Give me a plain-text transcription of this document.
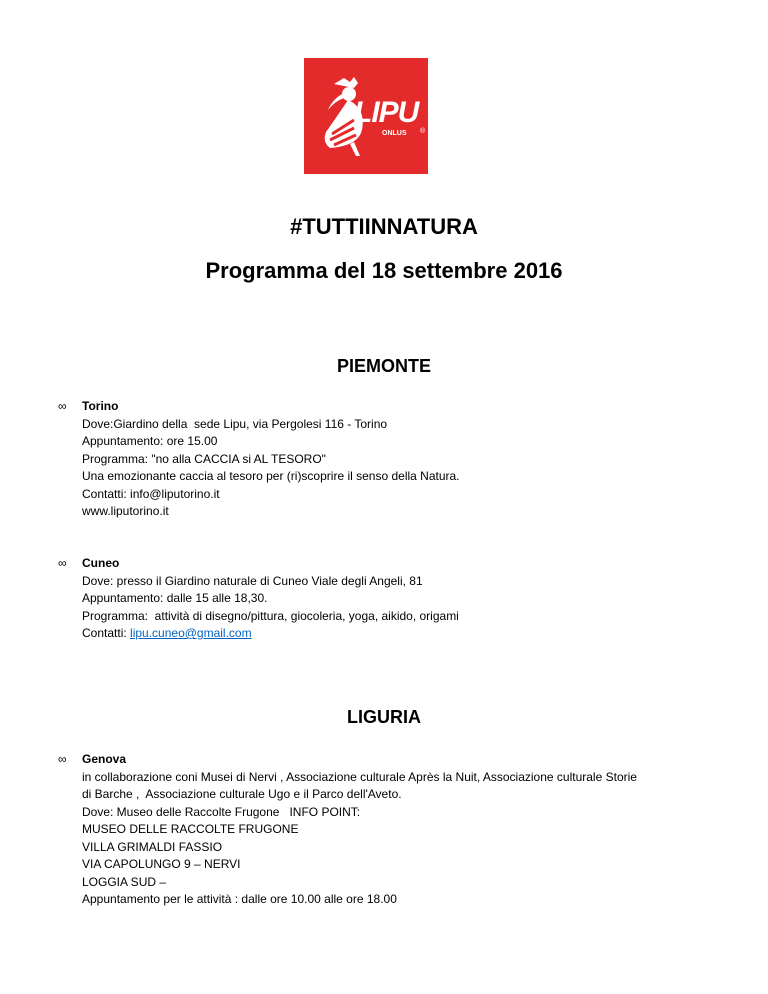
LIPU
ONLUS ®
#TUTTIINNATURA
Programma del 18 settembre 2016
PIEMONTE
∞	Torino
Dove:Giardino della  sede Lipu, via Pergolesi 116 - Torino
Appuntamento: ore 15.00
Programma: "no alla CACCIA si AL TESORO"
Una emozionante caccia al tesoro per (ri)scoprire il senso della Natura.
Contatti: info@liputorino.it
www.liputorino.it
∞	Cuneo
Dove: presso il Giardino naturale di Cuneo Viale degli Angeli, 81
Appuntamento: dalle 15 alle 18,30.
Programma:  attività di disegno/pittura, giocoleria, yoga, aikido, origami
Contatti: lipu.cuneo@gmail.com
LIGURIA
∞	Genova
in collaborazione coni Musei di Nervi , Associazione culturale Après la Nuit, Associazione culturale Storie
di Barche ,  Associazione culturale Ugo e il Parco dell'Aveto.
Dove: Museo delle Raccolte Frugone   INFO POINT:
MUSEO DELLE RACCOLTE FRUGONE
VILLA GRIMALDI FASSIO
VIA CAPOLUNGO 9 – NERVI
LOGGIA SUD –
Appuntamento per le attività : dalle ore 10.00 alle ore 18.00
